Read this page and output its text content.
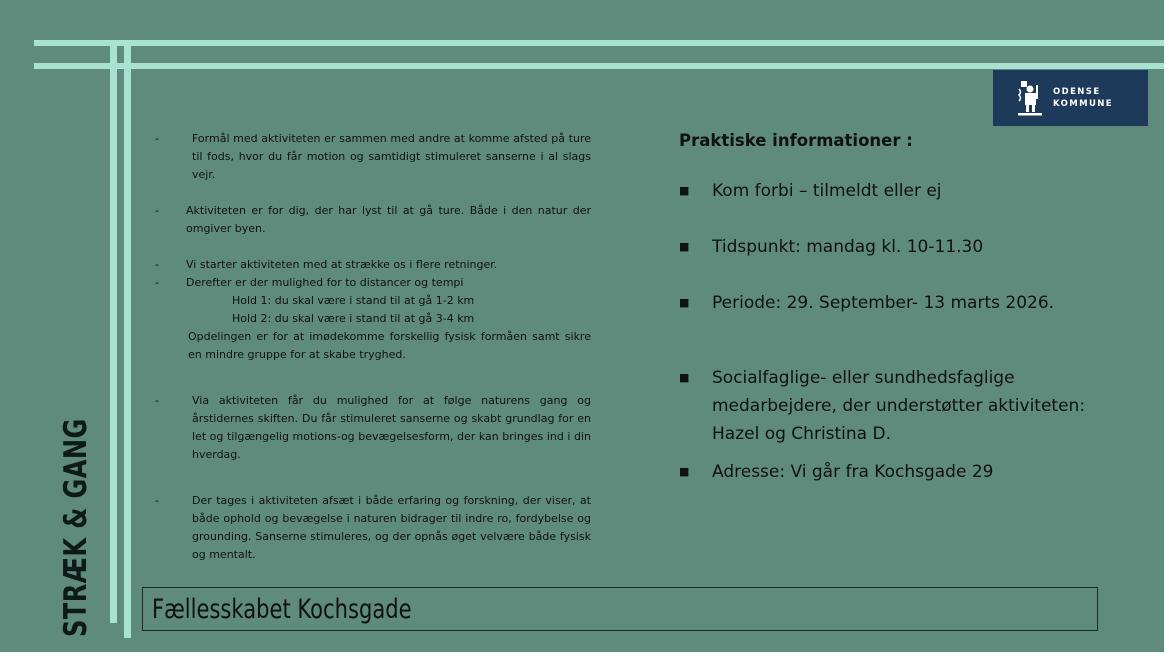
ODENSE
KOMMUNE
STRÆK & GANG
-	Formål med aktiviteten er sammen med andre at komme afsted på ture til fods, hvor du får motion og samtidigt stimuleret sanserne i al slags vejr.
- Aktiviteten er for dig, der har lyst til at gå ture. Både i den natur der omgiver byen.
- Vi starter aktiviteten med at strække os i flere retninger.
- Derefter er der mulighed for to distancer og tempi
Hold 1: du skal være i stand til at gå 1-2 km
Hold 2: du skal være i stand til at gå 3-4 km
Opdelingen er for at imødekomme forskellig fysisk formåen samt sikre en mindre gruppe for at skabe tryghed.
-	Via aktiviteten får du mulighed for at følge naturens gang og årstidernes skiften. Du får stimuleret sanserne og skabt grundlag for en let og tilgængelig motions-og bevægelsesform, der kan bringes ind i din hverdag.
-	Der tages i aktiviteten afsæt i både erfaring og forskning, der viser, at både ophold og bevægelse i naturen bidrager til indre ro, fordybelse og grounding. Sanserne stimuleres, og der opnås øget velvære både fysisk og mentalt.
Praktiske informationer :
■ Kom forbi – tilmeldt eller ej
■ Tidspunkt: mandag kl. 10-11.30
■ Periode: 29. September- 13 marts 2026.
■ Socialfaglige- eller sundhedsfaglige medarbejdere, der understøtter aktiviteten: Hazel og Christina D.
■ Adresse: Vi går fra Kochsgade 29
Fællesskabet Kochsgade
